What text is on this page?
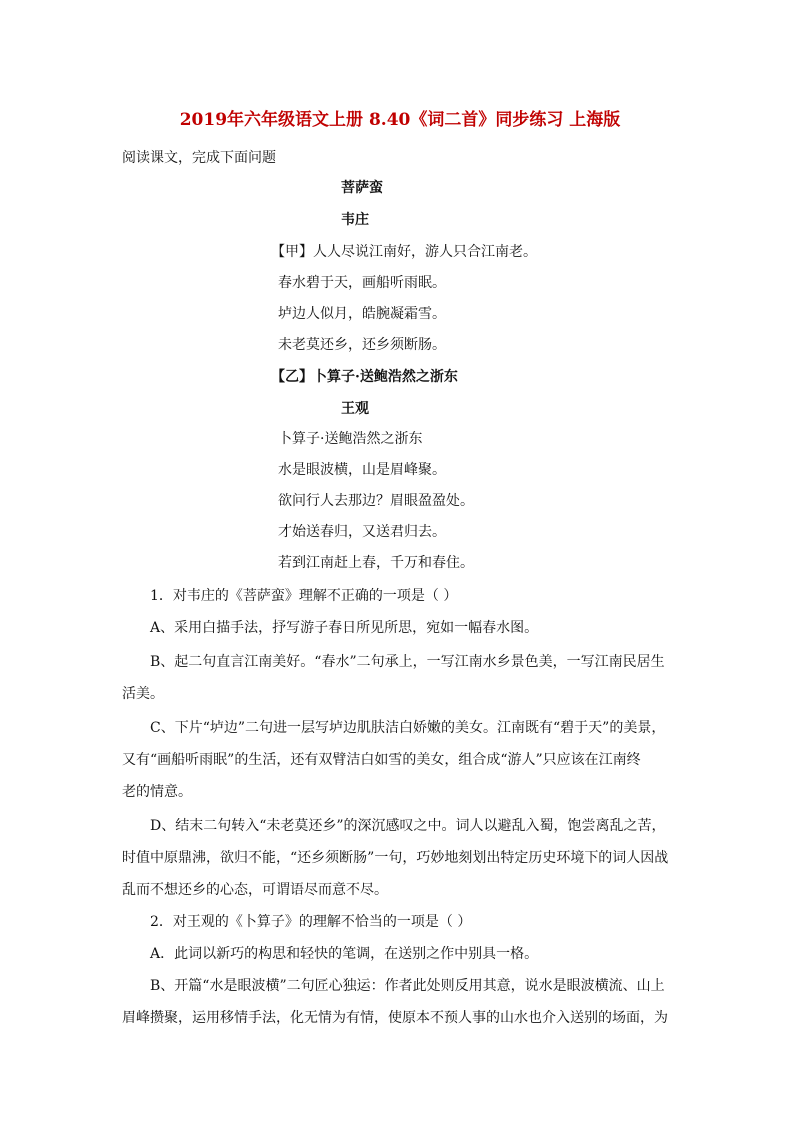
2019年六年级语文上册 8.40《词二首》同步练习 上海版
阅读课文，完成下面问题
菩萨蛮
韦庄
【甲】人人尽说江南好，游人只合江南老。
春水碧于天，画船听雨眠。
垆边人似月，皓腕凝霜雪。
未老莫还乡，还乡须断肠。
【乙】卜算子·送鲍浩然之浙东
王观
卜算子·送鲍浩然之浙东
水是眼波横，山是眉峰聚。
欲问行人去那边？眉眼盈盈处。
才始送春归，又送君归去。
若到江南赶上春，千万和春住。
1．对韦庄的《菩萨蛮》理解不正确的一项是（ ）
A、采用白描手法，抒写游子春日所见所思，宛如一幅春水图。
B、起二句直言江南美好。“春水”二句承上，一写江南水乡景色美，一写江南民居生
活美。
C、下片“垆边”二句进一层写垆边肌肤洁白娇嫩的美女。江南既有“碧于天”的美景，
又有“画船听雨眠”的生活，还有双臂洁白如雪的美女，组合成“游人”只应该在江南终
老的情意。
D、结末二句转入“未老莫还乡”的深沉感叹之中。词人以避乱入蜀，饱尝离乱之苦，
时值中原鼎沸，欲归不能，“还乡须断肠”一句，巧妙地刻划出特定历史环境下的词人因战
乱而不想还乡的心态，可谓语尽而意不尽。
2．对王观的《卜算子》的理解不恰当的一项是（ ）
A．此词以新巧的构思和轻快的笔调，在送别之作中别具一格。
B、开篇“水是眼波横”二句匠心独运：作者此处则反用其意，说水是眼波横流、山上
眉峰攒聚，运用移情手法，化无情为有情，使原本不预人事的山水也介入送别的场面，为
